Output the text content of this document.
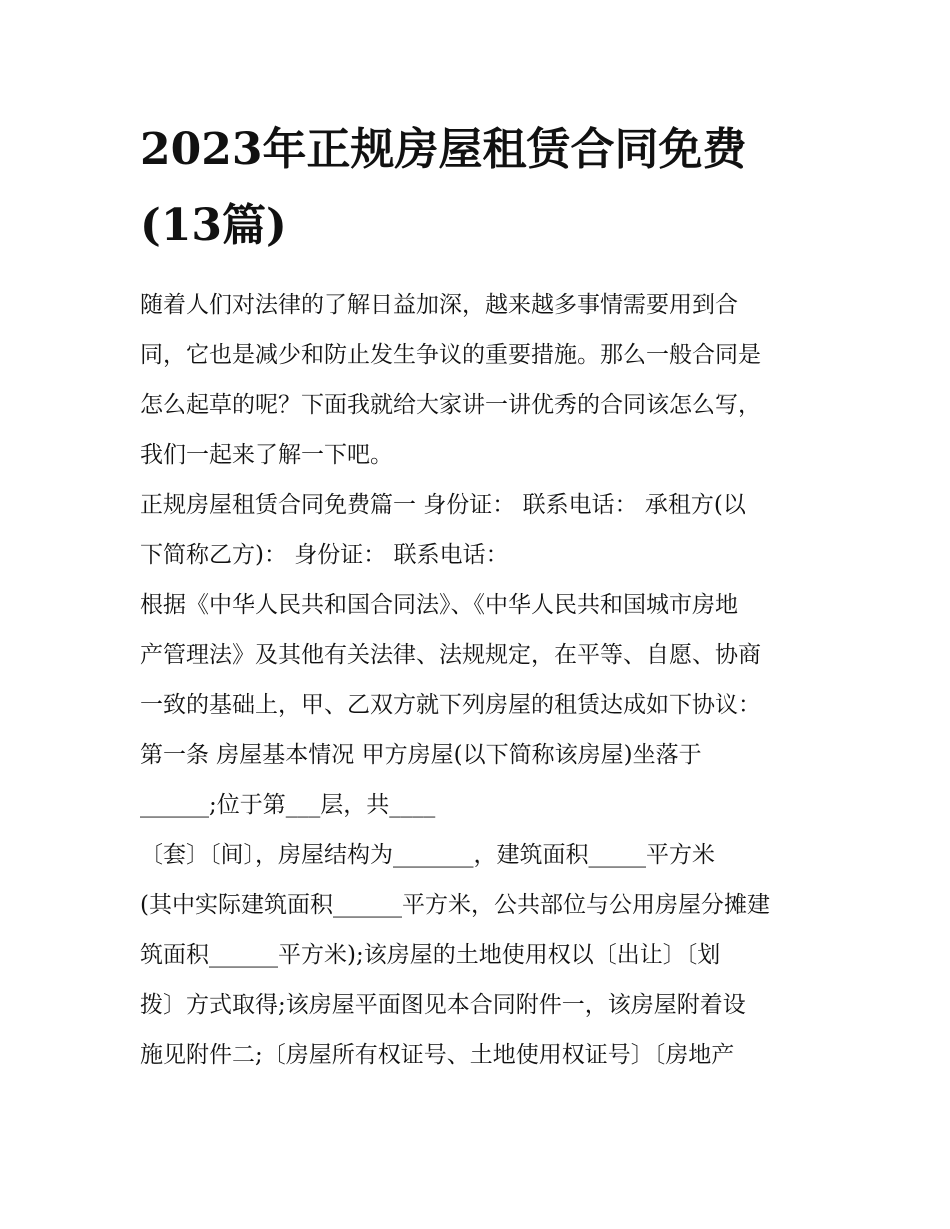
2023年正规房屋租赁合同免费
(13篇)
随着人们对法律的了解日益加深，越来越多事情需要用到合
同，它也是减少和防止发生争议的重要措施。那么一般合同是
怎么起草的呢？下面我就给大家讲一讲优秀的合同该怎么写，
我们一起来了解一下吧。
正规房屋租赁合同免费篇一 身份证： 联系电话： 承租方(以
下简称乙方)： 身份证： 联系电话：
根据《中华人民共和国合同法》、《中华人民共和国城市房地
产管理法》及其他有关法律、法规规定，在平等、自愿、协商
一致的基础上，甲、乙双方就下列房屋的租赁达成如下协议：
第一条 房屋基本情况 甲方房屋(以下简称该房屋)坐落于
______;位于第___层，共____
〔套〕〔间〕，房屋结构为_______，建筑面积_____平方米
(其中实际建筑面积______平方米，公共部位与公用房屋分摊建
筑面积______平方米);该房屋的土地使用权以〔出让〕〔划
拨〕方式取得;该房屋平面图见本合同附件一，该房屋附着设
施见附件二;〔房屋所有权证号、土地使用权证号〕〔房地产
